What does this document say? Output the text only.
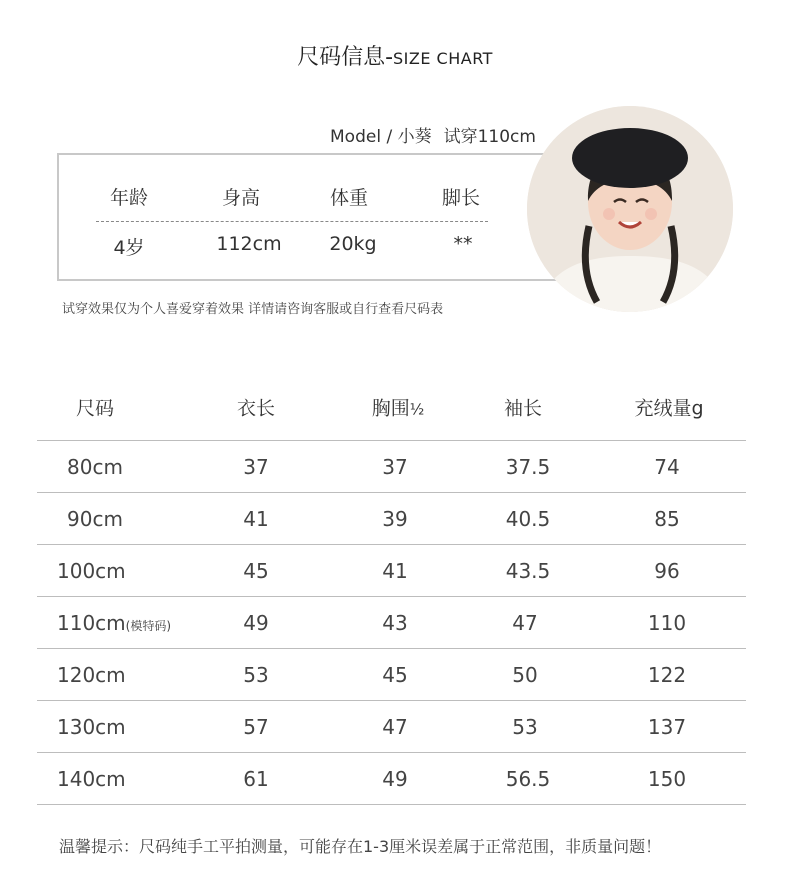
尺码信息-SIZE CHART
Model / 小葵 试穿110cm
年龄	身高	体重	脚长
4岁	112cm	20kg	**
试穿效果仅为个人喜爱穿着效果 详情请咨询客服或自行查看尺码表
尺码	衣长	胸围½	袖长	充绒量g
80cm	37	37	37.5	74
90cm	41	39	40.5	85
100cm	45	41	43.5	96
110cm(模特码)	49	43	47	110
120cm	53	45	50	122
130cm	57	47	53	137
140cm	61	49	56.5	150
温馨提示：尺码纯手工平拍测量，可能存在1-3厘米误差属于正常范围，非质量问题！
